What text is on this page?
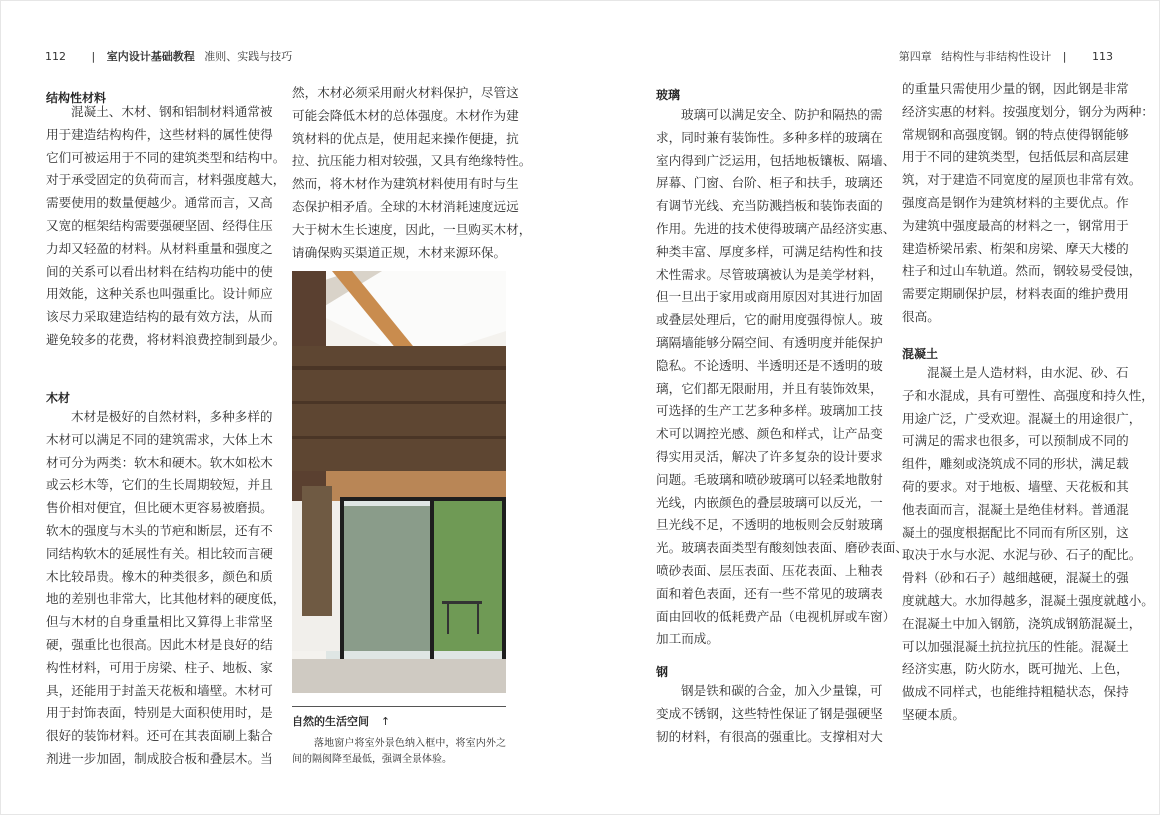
112 | 室内设计基础教程 准则、实践与技巧	第四章 结构性与非结构性设计 | 113
结构性材料
混凝土、木材、钢和铝制材料通常被
用于建造结构构件，这些材料的属性使得
它们可被运用于不同的建筑类型和结构中。
对于承受固定的负荷而言，材料强度越大，
需要使用的数量便越少。通常而言，又高
又宽的框架结构需要强硬坚固、经得住压
力却又轻盈的材料。从材料重量和强度之
间的关系可以看出材料在结构功能中的使
用效能，这种关系也叫强重比。设计师应
该尽力采取建造结构的最有效方法，从而
避免较多的花费，将材料浪费控制到最少。
木材
木材是极好的自然材料，多种多样的
木材可以满足不同的建筑需求，大体上木
材可分为两类：软木和硬木。软木如松木
或云杉木等，它们的生长周期较短，并且
售价相对便宜，但比硬木更容易被磨损。
软木的强度与木头的节疤和断层，还有不
同结构软木的延展性有关。相比较而言硬
木比较昂贵。橡木的种类很多，颜色和质
地的差别也非常大，比其他材料的硬度低，
但与木材的自身重量相比又算得上非常坚
硬，强重比也很高。因此木材是良好的结
构性材料，可用于房梁、柱子、地板、家
具，还能用于封盖天花板和墙壁。木材可
用于封饰表面，特别是大面积使用时，是
很好的装饰材料。还可在其表面刷上黏合
剂进一步加固，制成胶合板和叠层木。当
然，木材必须采用耐火材料保护，尽管这
可能会降低木材的总体强度。木材作为建
筑材料的优点是，使用起来操作便捷，抗
拉、抗压能力相对较强，又具有绝缘特性。
然而，将木材作为建筑材料使用有时与生
态保护相矛盾。全球的木材消耗速度远远
大于树木生长速度，因此，一旦购买木材，
请确保购买渠道正规，木材来源环保。
自然的生活空间 ↑
落地窗户将室外景色纳入框中，将室内外之
间的隔阂降至最低，强调全景体验。
玻璃
玻璃可以满足安全、防护和隔热的需
求，同时兼有装饰性。多种多样的玻璃在
室内得到广泛运用，包括地板镶板、隔墙、
屏幕、门窗、台阶、柜子和扶手，玻璃还
有调节光线、充当防溅挡板和装饰表面的
作用。先进的技术使得玻璃产品经济实惠、
种类丰富、厚度多样，可满足结构性和技
术性需求。尽管玻璃被认为是美学材料，
但一旦出于家用或商用原因对其进行加固
或叠层处理后，它的耐用度强得惊人。玻
璃隔墙能够分隔空间、有透明度并能保护
隐私。不论透明、半透明还是不透明的玻
璃，它们都无限耐用，并且有装饰效果，
可选择的生产工艺多种多样。玻璃加工技
术可以调控光感、颜色和样式，让产品变
得实用灵活，解决了许多复杂的设计要求
问题。毛玻璃和喷砂玻璃可以轻柔地散射
光线，内嵌颜色的叠层玻璃可以反光，一
旦光线不足，不透明的地板则会反射玻璃
光。玻璃表面类型有酸刻蚀表面、磨砂表面、
喷砂表面、层压表面、压花表面、上釉表
面和着色表面，还有一些不常见的玻璃表
面由回收的低耗费产品（电视机屏或车窗）
加工而成。
钢
钢是铁和碳的合金，加入少量镍，可
变成不锈钢，这些特性保证了钢是强硬坚
韧的材料，有很高的强重比。支撑相对大
的重量只需使用少量的钢，因此钢是非常
经济实惠的材料。按强度划分，钢分为两种：
常规钢和高强度钢。钢的特点使得钢能够
用于不同的建筑类型，包括低层和高层建
筑，对于建造不同宽度的屋顶也非常有效。
强度高是钢作为建筑材料的主要优点。作
为建筑中强度最高的材料之一，钢常用于
建造桥梁吊索、桁架和房梁、摩天大楼的
柱子和过山车轨道。然而，钢较易受侵蚀，
需要定期刷保护层，材料表面的维护费用
很高。
混凝土
混凝土是人造材料，由水泥、砂、石
子和水混成，具有可塑性、高强度和持久性，
用途广泛，广受欢迎。混凝土的用途很广，
可满足的需求也很多，可以预制成不同的
组件，雕刻或浇筑成不同的形状，满足载
荷的要求。对于地板、墙壁、天花板和其
他表面而言，混凝土是绝佳材料。普通混
凝土的强度根据配比不同而有所区别，这
取决于水与水泥、水泥与砂、石子的配比。
骨料（砂和石子）越细越硬，混凝土的强
度就越大。水加得越多，混凝土强度就越小。
在混凝土中加入钢筋，浇筑成钢筋混凝土，
可以加强混凝土抗拉抗压的性能。混凝土
经济实惠，防火防水，既可抛光、上色，
做成不同样式，也能维持粗糙状态，保持
坚硬本质。
